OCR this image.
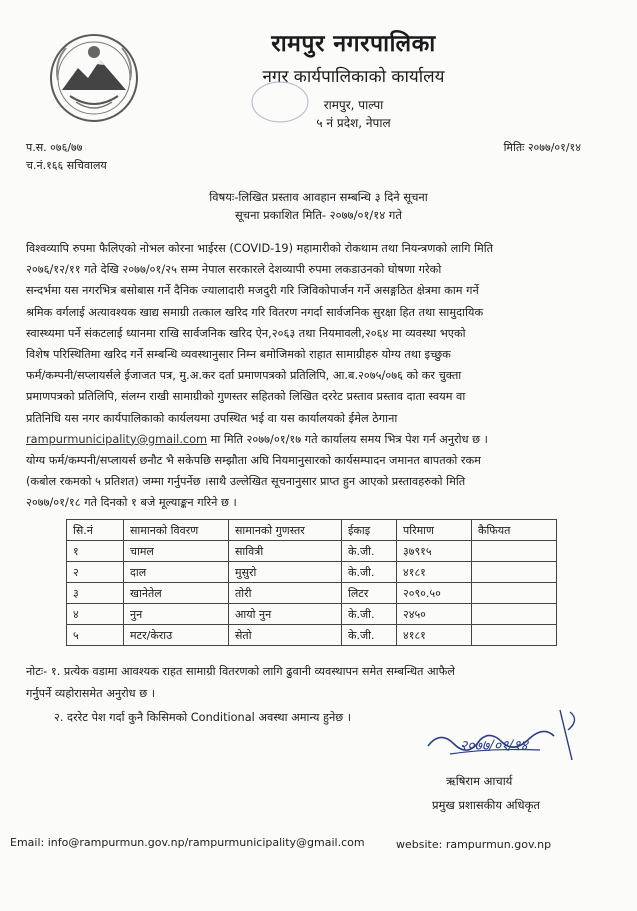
रामपुर नगरपालिका
नगर कार्यपालिकाको कार्यालय
रामपुर, पाल्पा
५ नं प्रदेश, नेपाल
प.स. ०७६/७७
च.नं.१६६ सचिवालय
मितिः २०७७/०१/१४
विषयः-लिखित प्रस्ताव आवहान सम्बन्धि ३ दिने सूचना
सूचना प्रकाशित मिति- २०७७/०१/१४ गते
विश्वव्यापि रुपमा फैलिएको नोभल कोरना भाईरस (COVID-19) महामारीको रोकथाम तथा नियन्त्रणको लागि मिति
२०७६/१२/११ गते देखि २०७७/०१/२५ सम्म नेपाल सरकारले देशव्यापी रुपमा लकडाउनको घोषणा गरेको
सन्दर्भमा यस नगरभित्र बसोबास गर्ने दैनिक ज्यालादारी मजदुरी गरि जिविकोपार्जन गर्ने असङ्गठित क्षेत्रमा काम गर्ने
श्रमिक वर्गलाई अत्यावश्यक खाद्य समाग्री तत्काल खरिद गरि वितरण नगर्दा सार्वजनिक सुरक्षा हित तथा सामुदायिक
स्वास्थ्यमा पर्ने संकटलाई ध्यानमा राखि सार्वजनिक खरिद ऐन,२०६३ तथा नियमावली,२०६४ मा व्यवस्था भएको
विशेष परिस्थितिमा खरिद गर्ने सम्बन्धि व्यवस्थानुसार निम्न बमोजिमको राहात सामाग्रीहरु योग्य तथा इच्छुक
फर्म/कम्पनी/सप्लायर्सले ईजाजत पत्र, मु.अ.कर दर्ता प्रमाणपत्रको प्रतिलिपि, आ.ब.२०७५/०७६ को कर चुक्ता
प्रमाणपत्रको प्रतिलिपि, संलग्न राखी सामाग्रीको गुणस्तर सहितको लिखित दररेट प्रस्ताव प्रस्ताव दाता स्वयम वा
प्रतिनिधि यस नगर कार्यपालिकाको कार्यलयमा उपस्थित भई वा यस कार्यालयको ईमेल ठेगाना
rampurmunicipality@gmail.com मा मिति २०७७/०१/१७ गते कार्यालय समय भित्र पेश गर्न अनुरोध छ ।
योग्य फर्म/कम्पनी/सप्लायर्स छनौट भै सकेपछि सम्झौता अघि नियमानुसारको कार्यसम्पादन जमानत बापतको रकम
(कबोल रकमको ५ प्रतिशत) जम्मा गर्नुपर्नेछ ।साथै उल्लेखित सूचनानुसार प्राप्त हुन आएको प्रस्तावहरुको मिति
२०७७/०१/१८ गते दिनको १ बजे मूल्याङ्कन गरिने छ ।
सि.नं	सामानको विवरण	सामानको गुणस्तर	ईकाइ	परिमाण	कैफियत
१	चामल	सावित्री	के.जी.	३७९१५	
२	दाल	मुसुरो	के.जी.	४१८१	
३	खानेतेल	तोरी	लिटर	२०९०.५०	
४	नुन	आयो नुन	के.जी.	२४५०	
५	मटर/केराउ	सेतो	के.जी.	४१८१	
नोटः- १. प्रत्येक वडामा आवश्यक राहत सामाग्री वितरणको लागि ढुवानी व्यवस्थापन समेत सम्बन्धित आफैले
गर्नुपर्ने व्यहोरासमेत अनुरोध छ ।
२. दररेट पेश गर्दा कुनै किसिमको Conditional अवस्था अमान्य हुनेछ ।
२०७७/०१/१४
ऋषिराम आचार्य
प्रमुख प्रशासकीय अधिकृत
Email: info@rampurmun.gov.np/rampurmunicipality@gmail.com	website: rampurmun.gov.np
